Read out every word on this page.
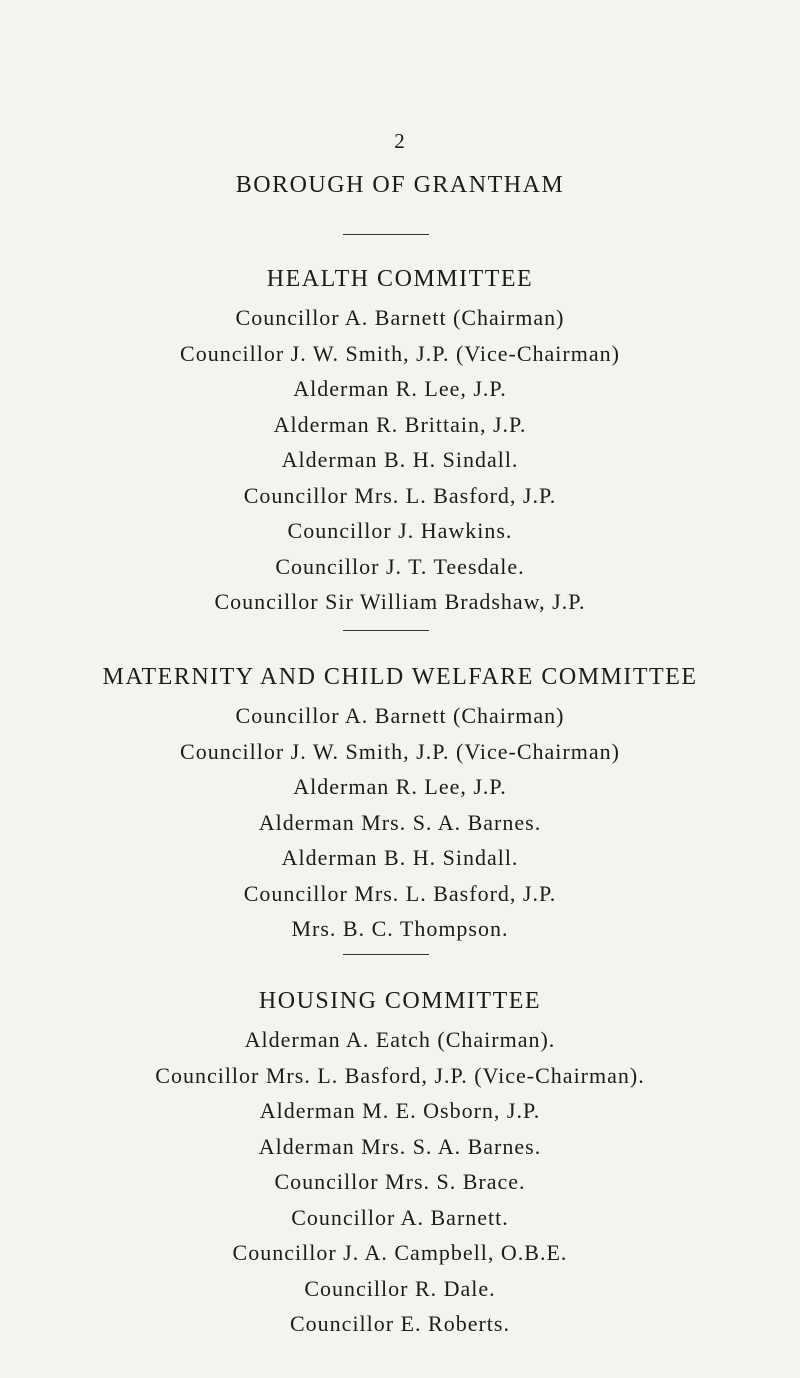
2
BOROUGH OF GRANTHAM
HEALTH COMMITTEE
Councillor A. Barnett (Chairman)
Councillor J. W. Smith, J.P. (Vice-Chairman)
Alderman R. Lee, J.P.
Alderman R. Brittain, J.P.
Alderman B. H. Sindall.
Councillor Mrs. L. Basford, J.P.
Councillor J. Hawkins.
Councillor J. T. Teesdale.
Councillor Sir William Bradshaw, J.P.
MATERNITY AND CHILD WELFARE COMMITTEE
Councillor A. Barnett (Chairman)
Councillor J. W. Smith, J.P. (Vice-Chairman)
Alderman R. Lee, J.P.
Alderman Mrs. S. A. Barnes.
Alderman B. H. Sindall.
Councillor Mrs. L. Basford, J.P.
Mrs. B. C. Thompson.
HOUSING COMMITTEE
Alderman A. Eatch (Chairman).
Councillor Mrs. L. Basford, J.P. (Vice-Chairman).
Alderman M. E. Osborn, J.P.
Alderman Mrs. S. A. Barnes.
Councillor Mrs. S. Brace.
Councillor A. Barnett.
Councillor J. A. Campbell, O.B.E.
Councillor R. Dale.
Councillor E. Roberts.
